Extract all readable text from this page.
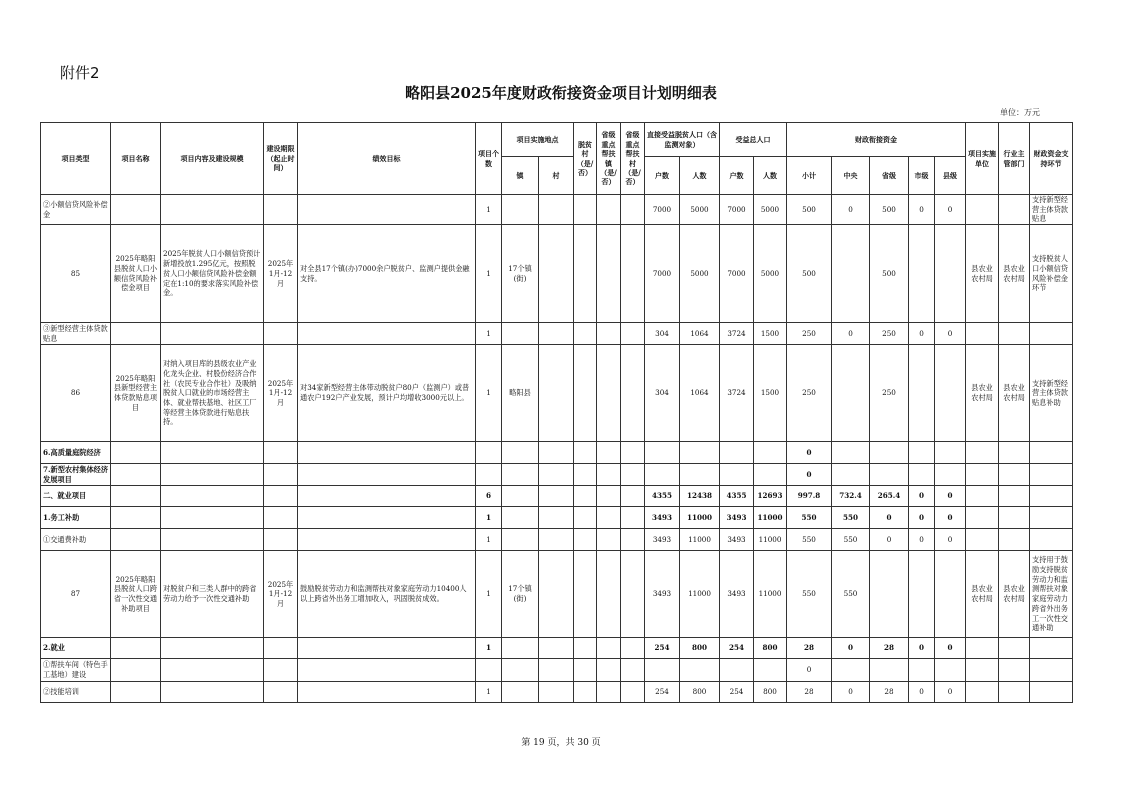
附件2
略阳县2025年度财政衔接资金项目计划明细表
单位：万元
项目类型	项目名称	项目内容及建设规模	建设期限（起止时间）	绩效目标	项目个数	项目实施地点		脱贫村（是/否）	省级重点帮扶镇（是/否）	省级重点帮扶村（是/否）	直接受益脱贫人口（含监测对象）		受益总人口		财政衔接资金					项目实施单位	行业主管部门	财政资金支持环节
						镇	村				户数	人数	户数	人数	小计	中央	省级	市级	县级			
②小额信贷风险补偿金					1						7000	5000	7000	5000	500	0	500	0	0			支持新型经营主体贷款贴息
85	2025年略阳县脱贫人口小额信贷风险补偿金项目	2025年脱贫人口小额信贷预计新增投放1.295亿元，按照脱贫人口小额信贷风险补偿金额定在1:10的要求落实风险补偿金。	2025年1月-12月	对全县17个镇(办)7000余户脱贫户、监测户提供金融支持。	1	17个镇(街)					7000	5000	7000	5000	500		500			县农业农村局	县农业农村局	支持脱贫人口小额信贷风险补偿金环节
③新型经营主体贷款贴息					1						304	1064	3724	1500	250	0	250	0	0			
86	2025年略阳县新型经营主体贷款贴息项目	对纳入项目库的县级农业产业化龙头企业、村股份经济合作社（农民专业合作社）及吸纳脱贫人口就业的市场经营主体、就业帮扶基地、社区工厂等经营主体贷款进行贴息扶持。	2025年1月-12月	对34家新型经营主体带动脱贫户80户（监测户）或普通农户192户产业发展，预计户均增收3000元以上。	1	略阳县					304	1064	3724	1500	250		250			县农业农村局	县农业农村局	支持新型经营主体贷款贴息补助
6.高质量庭院经济															0							
7.新型农村集体经济发展项目															0							
二、就业项目					6						4355	12438	4355	12693	997.8	732.4	265.4	0	0			
1.务工补助					1						3493	11000	3493	11000	550	550	0	0	0			
①交通费补助					1						3493	11000	3493	11000	550	550	0	0	0			
87	2025年略阳县脱贫人口跨省一次性交通补助项目	对脱贫户和三类人群中的跨省劳动力给予一次性交通补助	2025年1月-12月	鼓励脱贫劳动力和监测帮扶对象家庭劳动力10400人以上跨省外出务工增加收入，巩固脱贫成效。	1	17个镇(街)					3493	11000	3493	11000	550	550				县农业农村局	县农业农村局	支持用于鼓励支持脱贫劳动力和监测帮扶对象家庭劳动力跨省外出务工一次性交通补助
2.就业					1						254	800	254	800	28	0	28	0	0			
①帮扶车间（特色手工基地）建设															0							
②技能培训					1						254	800	254	800	28	0	28	0	0			
第 19 页，共 30 页
